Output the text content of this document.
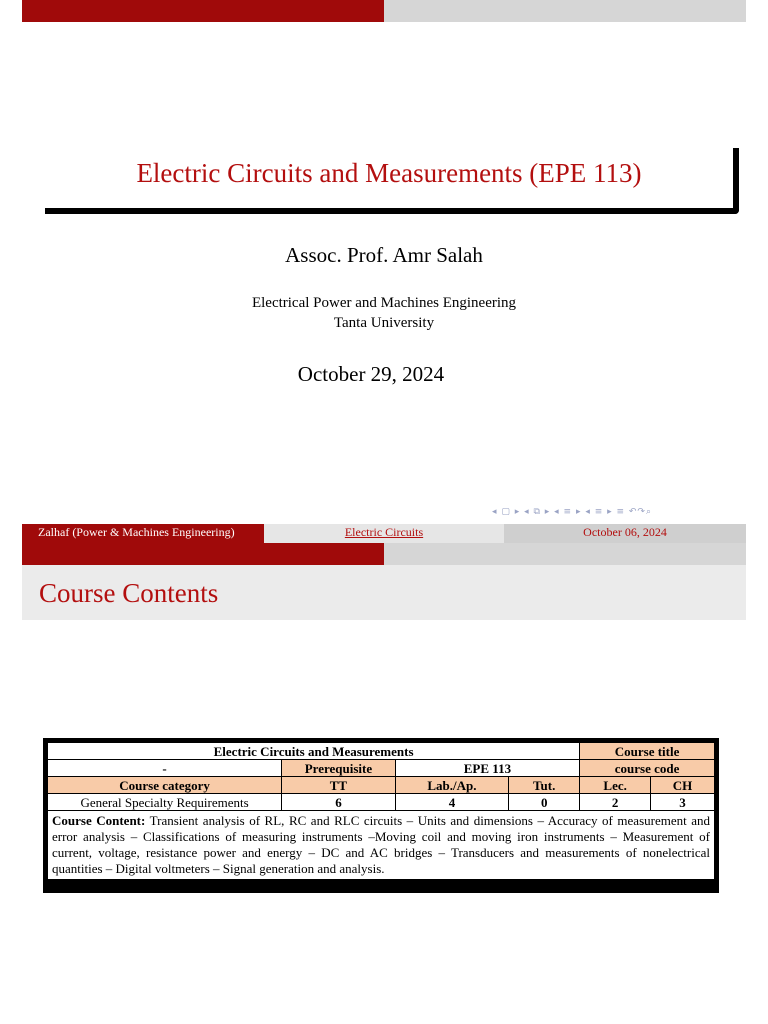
Electric Circuits and Measurements (EPE 113)
Assoc. Prof. Amr Salah
Electrical Power and Machines Engineering
Tanta University
October 29, 2024
◂ ▢ ▸ ◂ ⧉ ▸ ◂ ≡ ▸ ◂ ≡ ▸ ≡ ↶↷⌕
Zalhaf (Power & Machines Engineering)	Electric Circuits	October 06, 2024
Course Contents
Electric Circuits and Measurements				Course title	
-	Prerequisite	EPE 113		course code	
Course category	TT	Lab./Ap.	Tut.	Lec.	CH
General Specialty Requirements	6	4	0	2	3
Course Content: Transient analysis of RL, RC and RLC circuits – Units and dimensions – Accuracy of measurement and error analysis – Classifications of measuring instruments –Moving coil and moving iron instruments – Measurement of current, voltage, resistance power and energy – DC and AC bridges – Transducers and measurements of nonelectrical quantities – Digital voltmeters – Signal generation and analysis.					
